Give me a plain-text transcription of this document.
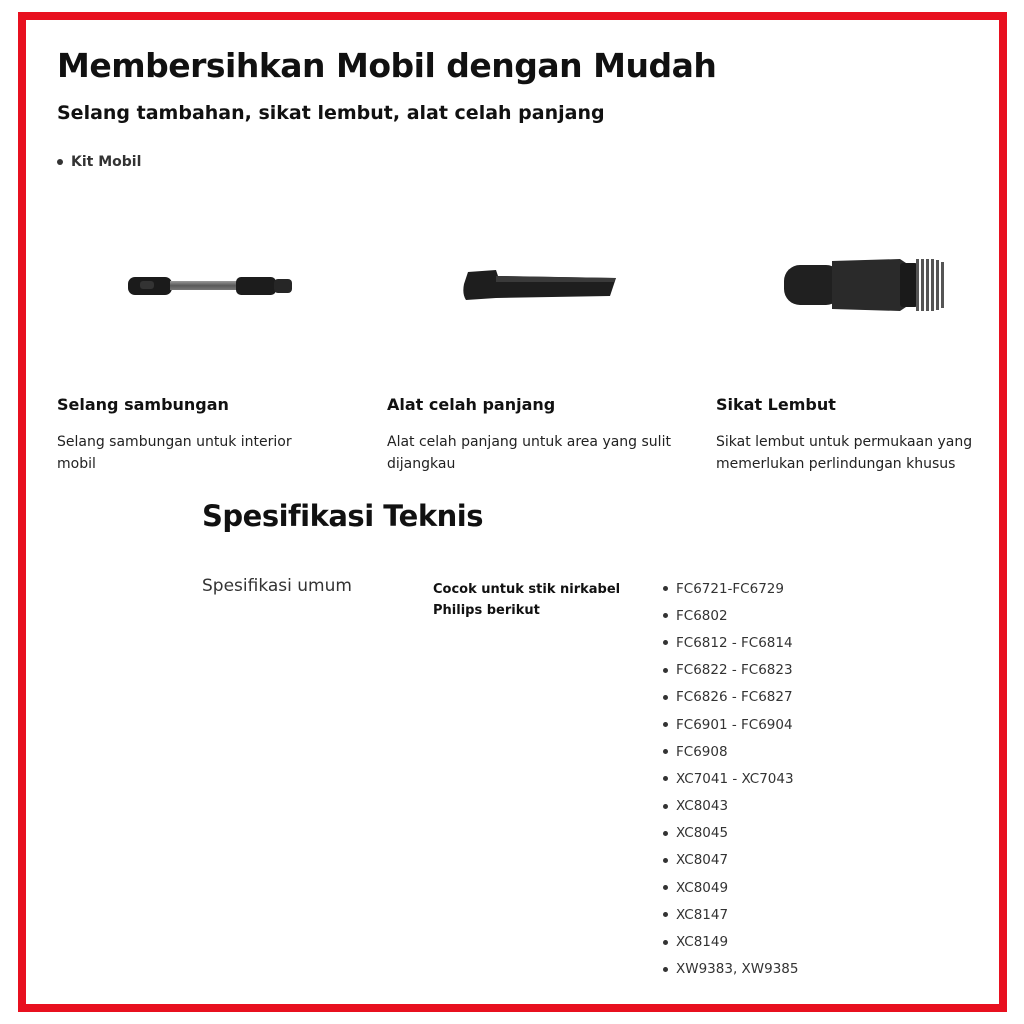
Membersihkan Mobil dengan Mudah
Selang tambahan, sikat lembut, alat celah panjang
Kit Mobil
Selang sambungan

Selang sambungan untuk interior mobil

Alat celah panjang

Alat celah panjang untuk area yang sulit dijangkau

Sikat Lembut

Sikat lembut untuk permukaan yang memerlukan perlindungan khusus

Spesifikasi Teknis
Spesifikasi umum	Cocok untuk stik nirkabel Philips berikut
FC6721-FC6729
FC6802
FC6812 - FC6814
FC6822 - FC6823
FC6826 - FC6827
FC6901 - FC6904
FC6908
XC7041 - XC7043
XC8043
XC8045
XC8047
XC8049
XC8147
XC8149
XW9383, XW9385
